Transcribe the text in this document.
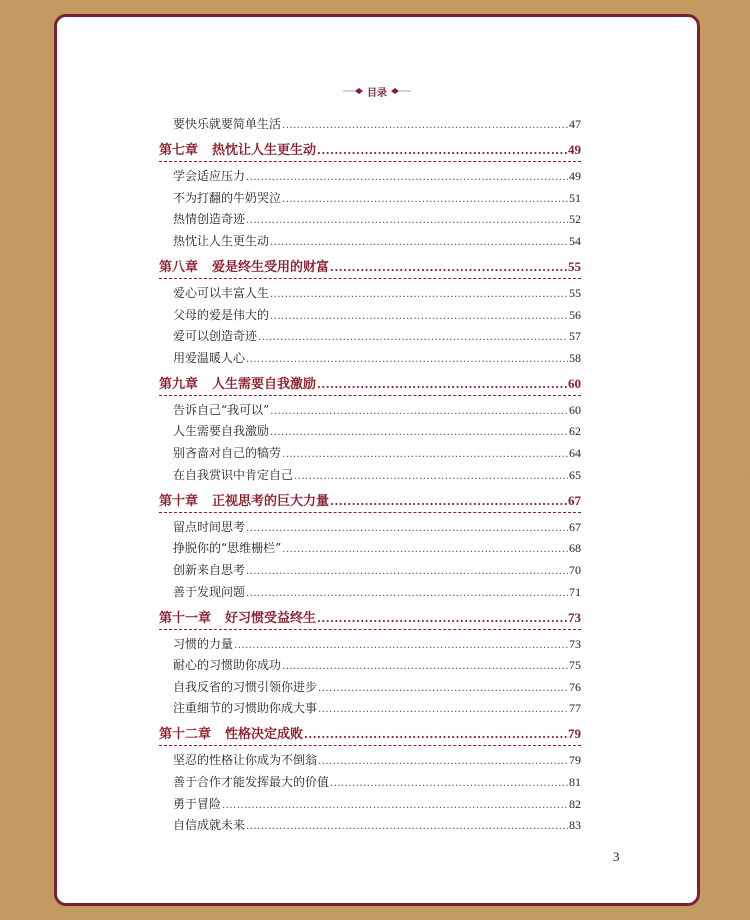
目录
要快乐就要简单生活 .....	47
第七章 热忱让人生更生动 .....	49
学会适应压力 .....	49
不为打翻的牛奶哭泣 .....	51
热情创造奇迹 .....	52
热忱让人生更生动 .....	54
第八章 爱是终生受用的财富 .....	55
爱心可以丰富人生 .....	55
父母的爱是伟大的 .....	56
爱可以创造奇迹 .....	57
用爱温暖人心 .....	58
第九章 人生需要自我激励 .....	60
告诉自己“我可以” .....	60
人生需要自我激励 .....	62
别吝啬对自己的犒劳 .....	64
在自我赏识中肯定自己 .....	65
第十章 正视思考的巨大力量 .....	67
留点时间思考 .....	67
挣脱你的“思维栅栏” .....	68
创新来自思考 .....	70
善于发现问题 .....	71
第十一章 好习惯受益终生 .....	73
习惯的力量 .....	73
耐心的习惯助你成功 .....	75
自我反省的习惯引领你进步 .....	76
注重细节的习惯助你成大事 .....	77
第十二章 性格决定成败 .....	79
坚忍的性格让你成为不倒翁 .....	79
善于合作才能发挥最大的价值 .....	81
勇于冒险 .....	82
自信成就未来 .....	83
3
